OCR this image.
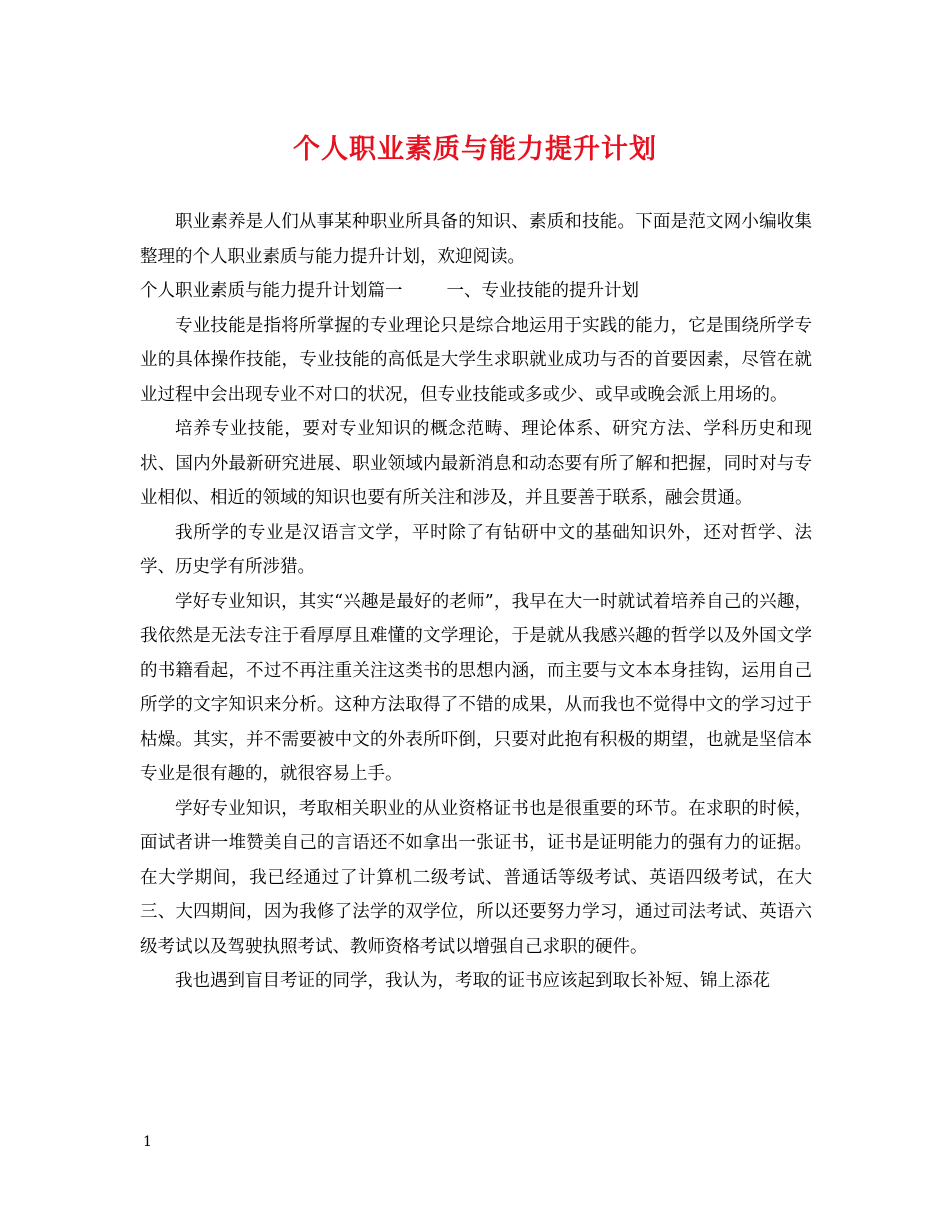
个人职业素质与能力提升计划

职业素养是人们从事某种职业所具备的知识、素质和技能。下面是范文网小编收集整理的个人职业素质与能力提升计划，欢迎阅读。

个人职业素质与能力提升计划篇一	一、专业技能的提升计划

专业技能是指将所掌握的专业理论只是综合地运用于实践的能力，它是围绕所学专业的具体操作技能，专业技能的高低是大学生求职就业成功与否的首要因素，尽管在就业过程中会出现专业不对口的状况，但专业技能或多或少、或早或晚会派上用场的。

培养专业技能，要对专业知识的概念范畴、理论体系、研究方法、学科历史和现状、国内外最新研究进展、职业领域内最新消息和动态要有所了解和把握，同时对与专业相似、相近的领域的知识也要有所关注和涉及，并且要善于联系，融会贯通。

我所学的专业是汉语言文学，平时除了有钻研中文的基础知识外，还对哲学、法学、历史学有所涉猎。

学好专业知识，其实“兴趣是最好的老师”，我早在大一时就试着培养自己的兴趣，我依然是无法专注于看厚厚且难懂的文学理论，于是就从我感兴趣的哲学以及外国文学的书籍看起，不过不再注重关注这类书的思想内涵，而主要与文本本身挂钩，运用自己所学的文字知识来分析。这种方法取得了不错的成果，从而我也不觉得中文的学习过于枯燥。其实，并不需要被中文的外表所吓倒，只要对此抱有积极的期望，也就是坚信本专业是很有趣的，就很容易上手。

学好专业知识，考取相关职业的从业资格证书也是很重要的环节。在求职的时候，面试者讲一堆赞美自己的言语还不如拿出一张证书，证书是证明能力的强有力的证据。在大学期间，我已经通过了计算机二级考试、普通话等级考试、英语四级考试，在大三、大四期间，因为我修了法学的双学位，所以还要努力学习，通过司法考试、英语六级考试以及驾驶执照考试、教师资格考试以增强自己求职的硬件。

我也遇到盲目考证的同学，我认为，考取的证书应该起到取长补短、锦上添花

1
